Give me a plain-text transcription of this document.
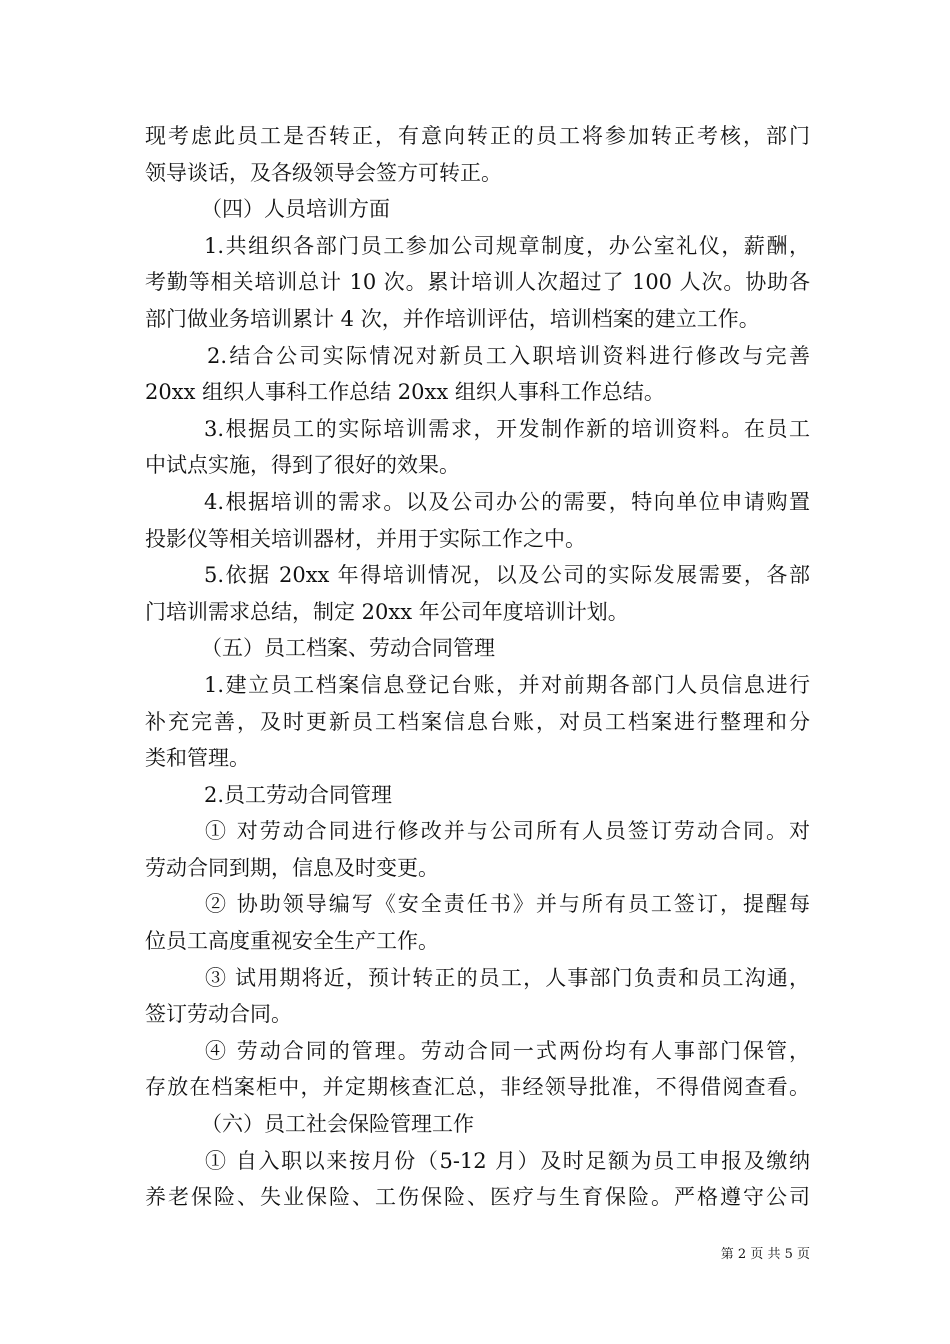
现考虑此员工是否转正，有意向转正的员工将参加转正考核，部门
领导谈话，及各级领导会签方可转正。
（四）人员培训方面
1.共组织各部门员工参加公司规章制度，办公室礼仪，薪酬，
考勤等相关培训总计 10 次。累计培训人次超过了 100 人次。协助各
部门做业务培训累计 4 次，并作培训评估，培训档案的建立工作。
2.结合公司实际情况对新员工入职培训资料进行修改与完善
20xx 组织人事科工作总结 20xx 组织人事科工作总结。
3.根据员工的实际培训需求，开发制作新的培训资料。在员工
中试点实施，得到了很好的效果。
4.根据培训的需求。以及公司办公的需要，特向单位申请购置
投影仪等相关培训器材，并用于实际工作之中。
5.依据 20xx 年得培训情况，以及公司的实际发展需要，各部
门培训需求总结，制定 20xx 年公司年度培训计划。
（五）员工档案、劳动合同管理
1.建立员工档案信息登记台账，并对前期各部门人员信息进行
补充完善，及时更新员工档案信息台账，对员工档案进行整理和分
类和管理。
2.员工劳动合同管理
① 对劳动合同进行修改并与公司所有人员签订劳动合同。对
劳动合同到期，信息及时变更。
② 协助领导编写《安全责任书》并与所有员工签订，提醒每
位员工高度重视安全生产工作。
③ 试用期将近，预计转正的员工，人事部门负责和员工沟通，
签订劳动合同。
④ 劳动合同的管理。劳动合同一式两份均有人事部门保管，
存放在档案柜中，并定期核查汇总，非经领导批准，不得借阅查看。
（六）员工社会保险管理工作
① 自入职以来按月份（5-12 月）及时足额为员工申报及缴纳
养老保险、失业保险、工伤保险、医疗与生育保险。严格遵守公司
第 2 页 共 5 页
